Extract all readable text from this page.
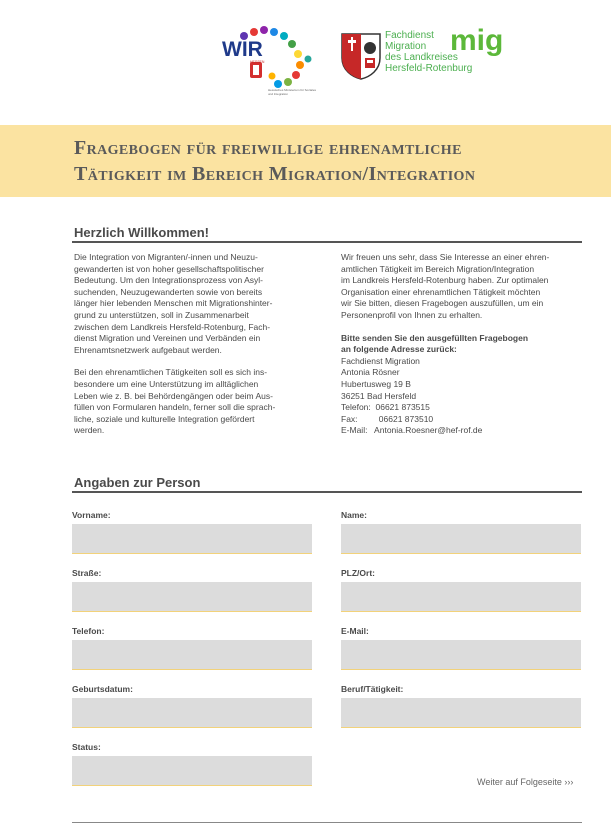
WIR
HESSEN
Hessisches Ministerium für Soziales und Integration
Fachdienst
Migration
des Landkreises
Hersfeld-Rotenburg
mig
Fragebogen für freiwillige ehrenamtliche
Tätigkeit im Bereich Migration/Integration
Herzlich Willkommen!

Die Integration von Migranten/-innen und Neuzu-
gewanderten ist von hoher gesellschaftspolitischer
Bedeutung. Um den Integrationsprozess von Asyl-
suchenden, Neuzugewanderten sowie von bereits
länger hier lebenden Menschen mit Migrationshinter-
grund zu unterstützen, soll in Zusammenarbeit
zwischen dem Landkreis Hersfeld-Rotenburg, Fach-
dienst Migration und Vereinen und Verbänden ein
Ehrenamtsnetzwerk aufgebaut werden.

Bei den ehrenamtlichen Tätigkeiten soll es sich ins-
besondere um eine Unterstützung im alltäglichen
Leben wie z. B. bei Behördengängen oder beim Aus-
füllen von Formularen handeln, ferner soll die sprach-
liche, soziale und kulturelle Integration gefördert
werden.

Wir freuen uns sehr, dass Sie Interesse an einer ehren-
amtlichen Tätigkeit im Bereich Migration/Integration
im Landkreis Hersfeld-Rotenburg haben. Zur optimalen
Organisation einer ehrenamtlichen Tätigkeit möchten
wir Sie bitten, diesen Fragebogen auszufüllen, um ein
Personenprofil von Ihnen zu erhalten.

Bitte senden Sie den ausgefüllten Fragebogen
an folgende Adresse zurück:
Fachdienst Migration
Antonia Rösner
Hubertusweg 19 B
36251 Bad Hersfeld
Telefon:  06621 873515
Fax:         06621 873510
E-Mail:   Antonia.Roesner@hef-rof.de
Angaben zur Person
Vorname:	Name:
Straße:	PLZ/Ort:
Telefon:	E-Mail:
Geburtsdatum:	Beruf/Tätigkeit:
Status:
Weiter auf Folgeseite ›››
